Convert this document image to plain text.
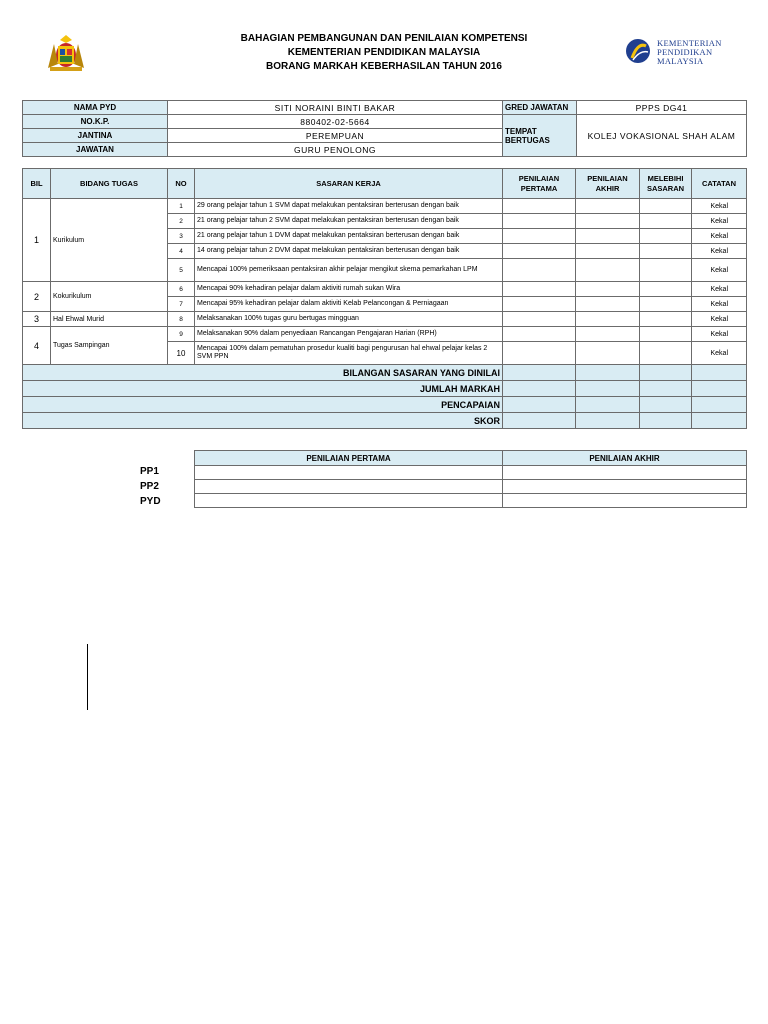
BAHAGIAN PEMBANGUNAN DAN PENILAIAN KOMPETENSI
KEMENTERIAN PENDIDIKAN MALAYSIA
BORANG MARKAH KEBERHASILAN TAHUN 2016
KEMENTERIAN
PENDIDIKAN
MALAYSIA
NAMA PYD	SITI NORAINI BINTI BAKAR	GRED JAWATAN	PPPS DG41
NO.K.P.	880402-02-5664	TEMPAT BERTUGAS	KOLEJ VOKASIONAL SHAH ALAM
JANTINA	PEREMPUAN		
JAWATAN	GURU PENOLONG		
BIL	BIDANG TUGAS	NO	SASARAN KERJA	PENILAIAN PERTAMA	PENILAIAN AKHIR	MELEBIHI SASARAN	CATATAN
1	Kurikulum	1	29 orang pelajar tahun 1 SVM dapat melakukan pentaksiran berterusan dengan baik				Kekal
		2	21 orang pelajar tahun 2 SVM dapat melakukan pentaksiran berterusan dengan baik				Kekal
		3	21 orang pelajar tahun 1 DVM dapat melakukan pentaksiran berterusan dengan baik				Kekal
		4	14 orang pelajar tahun 2 DVM dapat melakukan pentaksiran berterusan dengan baik				Kekal
		5	Mencapai 100% pemeriksaan pentaksiran akhir pelajar mengikut skema pemarkahan LPM				Kekal
2	Kokurikulum	6	Mencapai 90% kehadiran pelajar dalam aktiviti rumah sukan Wira				Kekal
		7	Mencapai 95% kehadiran pelajar dalam aktiviti Kelab Pelancongan & Perniagaan				Kekal
3	Hal Ehwal Murid	8	Melaksanakan 100% tugas guru bertugas mingguan				Kekal
4	Tugas Sampingan	9	Melaksanakan 90% dalam penyediaan Rancangan Pengajaran Harian (RPH)				Kekal
		10	Mencapai 100% dalam pematuhan prosedur kualiti bagi pengurusan hal ehwal pelajar kelas 2 SVM PPN				Kekal
BILANGAN SASARAN YANG DINILAI							
JUMLAH MARKAH							
PENCAPAIAN							
SKOR							
PP1
PP2
PYD
PENILAIAN PERTAMA	PENILAIAN AKHIR
